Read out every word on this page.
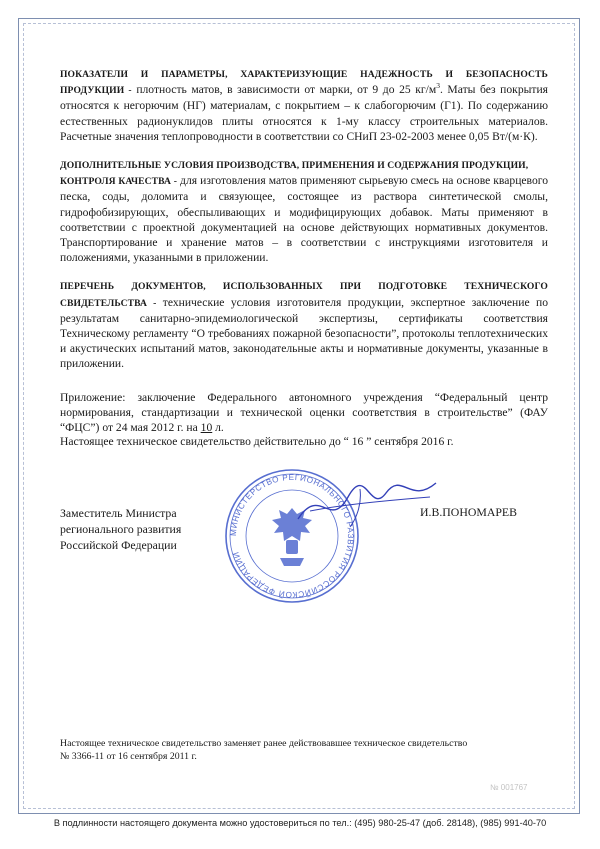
ПОКАЗАТЕЛИ И ПАРАМЕТРЫ, ХАРАКТЕРИЗУЮЩИЕ НАДЕЖНОСТЬ И БЕЗОПАСНОСТЬ ПРОДУКЦИИ - плотность матов, в зависимости от марки, от 9 до 25 $кг/м^3$. Маты без покрытия относятся к негорючим (НГ) материалам, с покрытием – к слабогорючим (Г1). По содержанию естественных радионуклидов плиты относятся к 1-му классу строительных материалов. Расчетные значения теплопроводности в соответствии со СНиП 23-02-2003 менее 0,05 Вт/(м·К).

ДОПОЛНИТЕЛЬНЫЕ УСЛОВИЯ ПРОИЗВОДСТВА, ПРИМЕНЕНИЯ И СОДЕРЖАНИЯ ПРОДУКЦИИ,
КОНТРОЛЯ КАЧЕСТВА - для изготовления матов применяют сырьевую смесь на основе кварцевого песка, соды, доломита и связующее, состоящее из раствора синтетической смолы, гидрофобизирующих, обеспыливающих и модифицирующих добавок. Маты применяют в соответствии с проектной документацией на основе действующих нормативных документов. Транспортирование и хранение матов – в соответствии с инструкциями изготовителя и положениями, указанными в приложении.

ПЕРЕЧЕНЬ ДОКУМЕНТОВ, ИСПОЛЬЗОВАННЫХ ПРИ ПОДГОТОВКЕ ТЕХНИЧЕСКОГО СВИДЕТЕЛЬСТВА - технические условия изготовителя продукции, экспертное заключение по результатам санитарно-эпидемиологической экспертизы, сертификаты соответствия Техническому регламенту “О требованиях пожарной безопасности”, протоколы теплотехнических и акустических испытаний матов, законодательные акты и нормативные документы, указанные в приложении.

Приложение: заключение Федерального автономного учреждения “Федеральный центр нормирования, стандартизации и технической оценки соответствия в строительстве” (ФАУ “ФЦС”) от 24 мая 2012 г. на 10 л.

Настоящее техническое свидетельство действительно до “ 16 ” сентября 2016 г.
Заместитель Министра
регионального развития
Российской Федерации
МИНИСТЕРСТВО РЕГИОНАЛЬНОГО РАЗВИТИЯ РОССИЙСКОЙ ФЕДЕРАЦИИ
И.В.ПОНОМАРЕВ
Настоящее техническое свидетельство заменяет ранее действовавшее техническое свидетельство
№ 3366-11 от 16 сентября 2011 г.
№ 001767
В подлинности настоящего документа можно удостовериться по тел.: (495) 980-25-47 (доб. 28148), (985) 991-40-70
